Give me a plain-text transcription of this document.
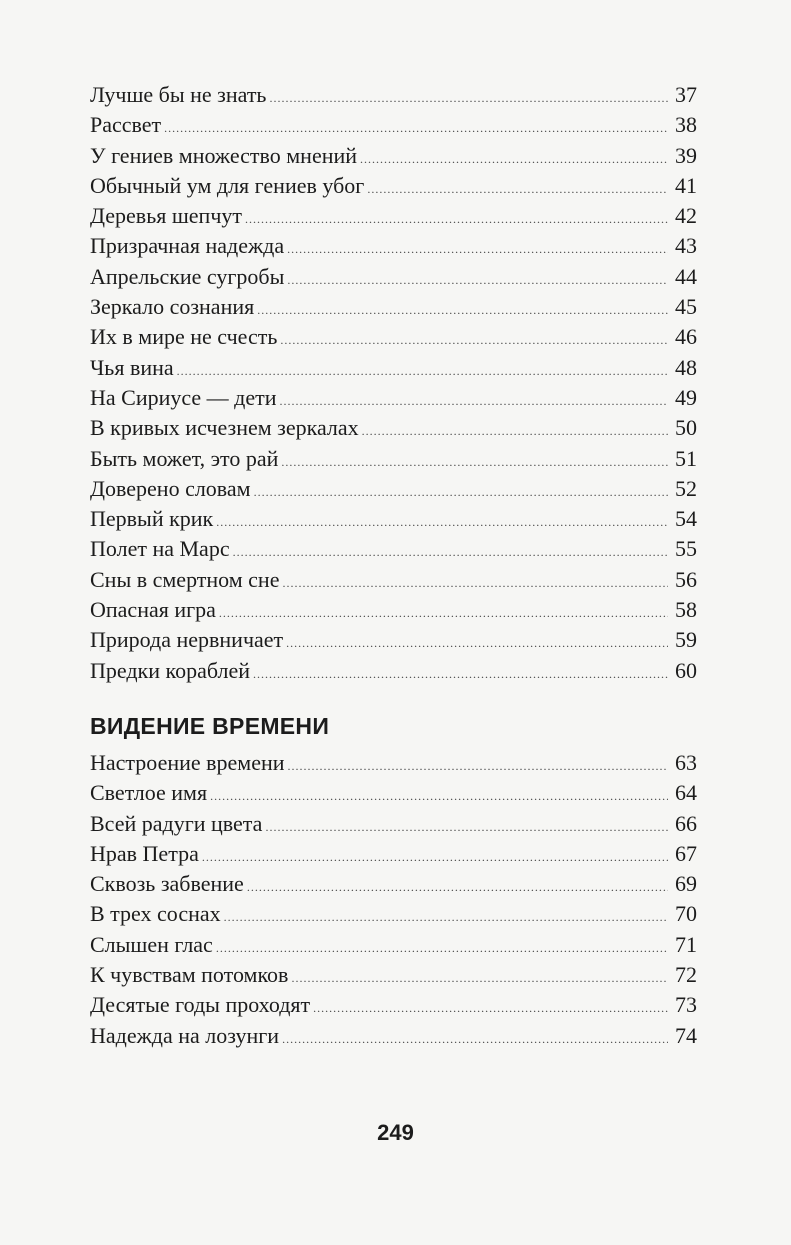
Лучше бы не знать .....	37
Рассвет .....	38
У гениев множество мнений .....	39
Обычный ум для гениев убог .....	41
Деревья шепчут .....	42
Призрачная надежда .....	43
Апрельские сугробы .....	44
Зеркало сознания .....	45
Их в мире не счесть .....	46
Чья вина .....	48
На Сириусе — дети .....	49
В кривых исчезнем зеркалах .....	50
Быть может, это рай .....	51
Доверено словам .....	52
Первый крик .....	54
Полет на Марс .....	55
Сны в смертном сне .....	56
Опасная игра .....	58
Природа нервничает .....	59
Предки кораблей .....	60
ВИДЕНИЕ ВРЕМЕНИ
Настроение времени .....	63
Светлое имя .....	64
Всей радуги цвета .....	66
Нрав Петра .....	67
Сквозь забвение .....	69
В трех соснах .....	70
Слышен глас .....	71
К чувствам потомков .....	72
Десятые годы проходят .....	73
Надежда на лозунги .....	74
249
